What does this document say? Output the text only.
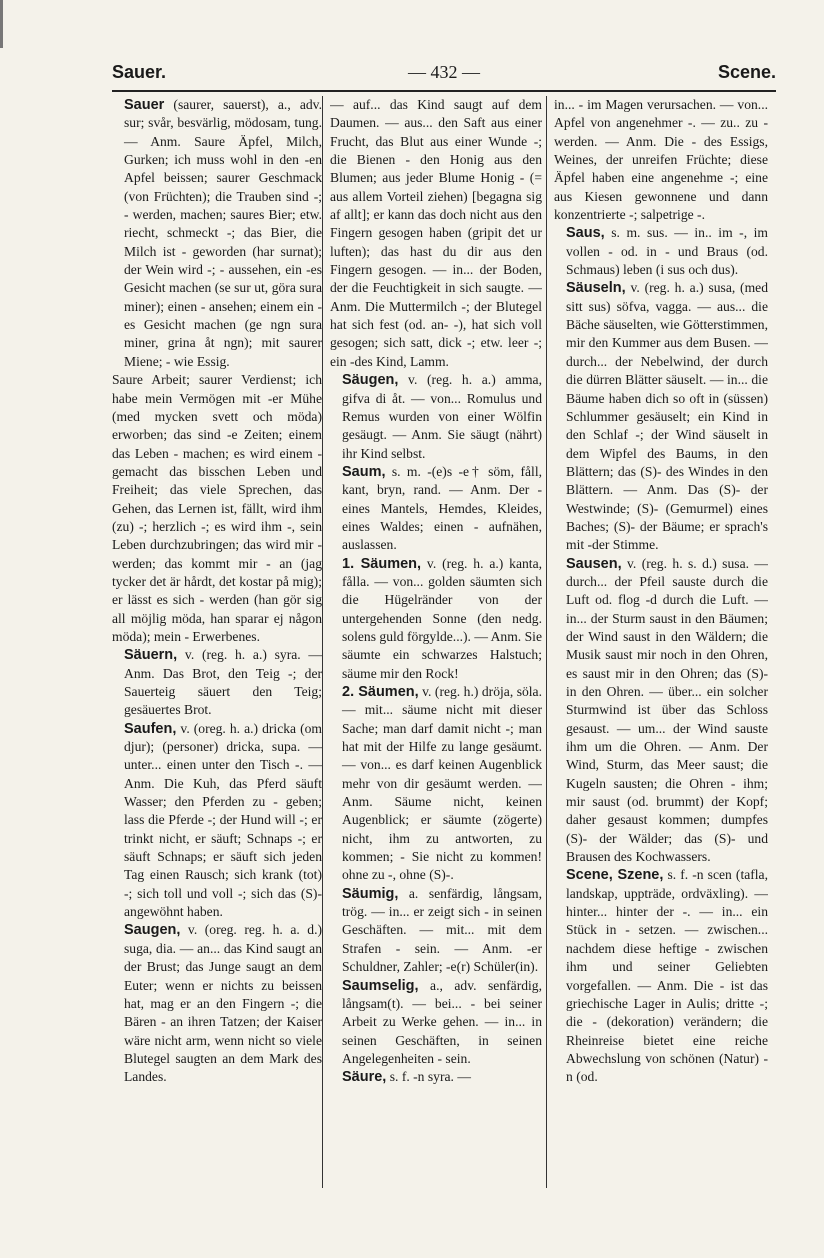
Sauer.	— 432 —	Scene.

Sauer (saurer, sauerst), a., adv. sur; svår, besvärlig, mödosam, tung. — Anm. Saure Äpfel, Milch, Gurken; ich muss wohl in den -en Apfel beissen; saurer Geschmack (von Früchten); die Trauben sind -; - werden, machen; saures Bier; etw. riecht, schmeckt -; das Bier, die Milch ist - geworden (har surnat); der Wein wird -; - aussehen, ein -es Gesicht machen (se sur ut, göra sura miner); einen - ansehen; einem ein -es Gesicht machen (ge ngn sura miner, grina åt ngn); mit saurer Miene; - wie Essig.

Saure Arbeit; saurer Verdienst; ich habe mein Vermögen mit -er Mühe (med mycken svett och möda) erworben; das sind -e Zeiten; einem das Leben - machen; es wird einem - gemacht das bisschen Leben und Freiheit; das viele Sprechen, das Gehen, das Lernen ist, fällt, wird ihm (zu) -; herzlich -; es wird ihm -, sein Leben durchzubringen; das wird mir - werden; das kommt mir - an (jag tycker det är hårdt, det kostar på mig); er lässt es sich - werden (han gör sig all möjlig möda, han sparar ej någon möda); mein - Erwerbenes.

Säuern, v. (reg. h. a.) syra. — Anm. Das Brot, den Teig -; der Sauerteig säuert den Teig; gesäuertes Brot.

Saufen, v. (oreg. h. a.) dricka (om djur); (personer) dricka, supa. — unter... einen unter den Tisch -. — Anm. Die Kuh, das Pferd säuft Wasser; den Pferden zu - geben; lass die Pferde -; der Hund will -; er trinkt nicht, er säuft; Schnaps -; er säuft Schnaps; er säuft sich jeden Tag einen Rausch; sich krank (tot) -; sich toll und voll -; sich das (S)- angewöhnt haben.

Saugen, v. (oreg. reg. h. a. d.) suga, dia. — an... das Kind saugt an der Brust; das Junge saugt an dem Euter; wenn er nichts zu beissen hat, mag er an den Fingern -; die Bären - an ihren Tatzen; der Kaiser wäre nicht arm, wenn nicht so viele Blutegel saugten an dem Mark des Landes.

— auf... das Kind saugt auf dem Daumen. — aus... den Saft aus einer Frucht, das Blut aus einer Wunde -; die Bienen - den Honig aus den Blumen; aus jeder Blume Honig - (= aus allem Vorteil ziehen) [begagna sig af allt]; er kann das doch nicht aus den Fingern gesogen haben (gripit det ur luften); das hast du dir aus den Fingern gesogen. — in... der Boden, der die Feuchtigkeit in sich saugte. — Anm. Die Muttermilch -; der Blutegel hat sich fest (od. an- -), hat sich voll gesogen; sich satt, dick -; etw. leer -; ein -des Kind, Lamm.

Säugen, v. (reg. h. a.) amma, gifva di åt. — von... Romulus und Remus wurden von einer Wölfin gesäugt. — Anm. Sie säugt (nährt) ihr Kind selbst.

Saum, s. m. -(e)s -e† söm, fåll, kant, bryn, rand. — Anm. Der - eines Mantels, Hemdes, Kleides, eines Waldes; einen - aufnähen, auslassen.

1. Säumen, v. (reg. h. a.) kanta, fålla. — von... golden säumten sich die Hügelränder von der untergehenden Sonne (den nedg. solens guld förgylde...). — Anm. Sie säumte ein schwarzes Halstuch; säume mir den Rock!

2. Säumen, v. (reg. h.) dröja, söla. — mit... säume nicht mit dieser Sache; man darf damit nicht -; man hat mit der Hilfe zu lange gesäumt. — von... es darf keinen Augenblick mehr von dir gesäumt werden. — Anm. Säume nicht, keinen Augenblick; er säumte (zögerte) nicht, ihm zu antworten, zu kommen; - Sie nicht zu kommen! ohne zu -, ohne (S)-.

Säumig, a. senfärdig, långsam, trög. — in... er zeigt sich - in seinen Geschäften. — mit... mit dem Strafen - sein. — Anm. -er Schuldner, Zahler; -e(r) Schüler(in).

Saumselig, a., adv. senfärdig, långsam(t). — bei... - bei seiner Arbeit zu Werke gehen. — in... in seinen Geschäften, in seinen Angelegenheiten - sein.

Säure, s. f. -n syra. —

in... - im Magen verursachen. — von... Apfel von angenehmer -. — zu.. zu - werden. — Anm. Die - des Essigs, Weines, der unreifen Früchte; diese Äpfel haben eine angenehme -; eine aus Kiesen gewonnene und dann konzentrierte -; salpetrige -.

Saus, s. m. sus. — in.. im -, im vollen - od. in - und Braus (od. Schmaus) leben (i sus och dus).

Säuseln, v. (reg. h. a.) susa, (med sitt sus) söfva, vagga. — aus... die Bäche säuselten, wie Götterstimmen, mir den Kummer aus dem Busen. — durch... der Nebelwind, der durch die dürren Blätter säuselt. — in... die Bäume haben dich so oft in (süssen) Schlummer gesäuselt; ein Kind in den Schlaf -; der Wind säuselt in dem Wipfel des Baums, in den Blättern; das (S)- des Windes in den Blättern. — Anm. Das (S)- der Westwinde; (S)- (Gemurmel) eines Baches; (S)- der Bäume; er sprach's mit -der Stimme.

Sausen, v. (reg. h. s. d.) susa. — durch... der Pfeil sauste durch die Luft od. flog -d durch die Luft. — in... der Sturm saust in den Bäumen; der Wind saust in den Wäldern; die Musik saust mir noch in den Ohren, es saust mir in den Ohren; das (S)- in den Ohren. — über... ein solcher Sturmwind ist über das Schloss gesaust. — um... der Wind sauste ihm um die Ohren. — Anm. Der Wind, Sturm, das Meer saust; die Kugeln sausten; die Ohren - ihm; mir saust (od. brummt) der Kopf; daher gesaust kommen; dumpfes (S)- der Wälder; das (S)- und Brausen des Kochwassers.

Scene, Szene, s. f. -n scen (tafla, landskap, uppträde, ordväxling). — hinter... hinter der -. — in... ein Stück in - setzen. — zwischen... nachdem diese heftige - zwischen ihm und seiner Geliebten vorgefallen. — Anm. Die - ist das griechische Lager in Aulis; dritte -; die - (dekoration) verändern; die Rheinreise bietet eine reiche Abwechslung von schönen (Natur) -n (od.
